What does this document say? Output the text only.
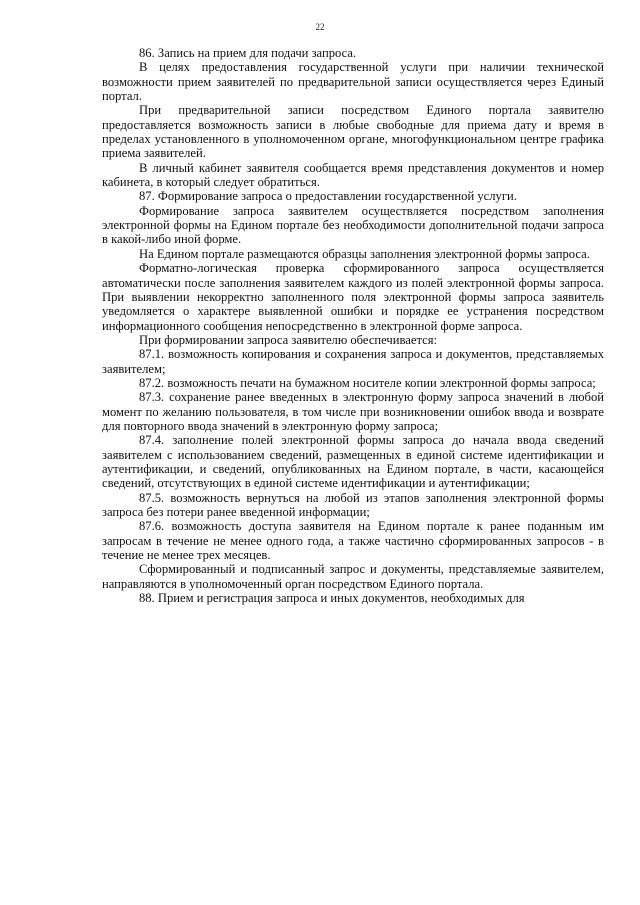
22

86. Запись на прием для подачи запроса.

В целях предоставления государственной услуги при наличии технической возможности прием заявителей по предварительной записи осуществляется через Единый портал.

При предварительной записи посредством Единого портала заявителю предоставляется возможность записи в любые свободные для приема дату и время в пределах установленного в уполномоченном органе, многофункциональном центре графика приема заявителей.

В личный кабинет заявителя сообщается время представления документов и номер кабинета, в который следует обратиться.

87. Формирование запроса о предоставлении государственной услуги.

Формирование запроса заявителем осуществляется посредством заполнения электронной формы на Едином портале без необходимости дополнительной подачи запроса в какой-либо иной форме.

На Едином портале размещаются образцы заполнения электронной формы запроса.

Форматно-логическая проверка сформированного запроса осуществляется автоматически после заполнения заявителем каждого из полей электронной формы запроса. При выявлении некорректно заполненного поля электронной формы запроса заявитель уведомляется о характере выявленной ошибки и порядке ее устранения посредством информационного сообщения непосредственно в электронной форме запроса.

При формировании запроса заявителю обеспечивается:

87.1. возможность копирования и сохранения запроса и документов, представляемых заявителем;

87.2. возможность печати на бумажном носителе копии электронной формы запроса;

87.3. сохранение ранее введенных в электронную форму запроса значений в любой момент по желанию пользователя, в том числе при возникновении ошибок ввода и возврате для повторного ввода значений в электронную форму запроса;

87.4. заполнение полей электронной формы запроса до начала ввода сведений заявителем с использованием сведений, размещенных в единой системе идентификации и аутентификации, и сведений, опубликованных на Едином портале, в части, касающейся сведений, отсутствующих в единой системе идентификации и аутентификации;

87.5. возможность вернуться на любой из этапов заполнения электронной формы запроса без потери ранее введенной информации;

87.6. возможность доступа заявителя на Едином портале к ранее поданным им запросам в течение не менее одного года, а также частично сформированных запросов - в течение не менее трех месяцев.

Сформированный и подписанный запрос и документы, представляемые заявителем, направляются в уполномоченный орган посредством Единого портала.

88. Прием и регистрация запроса и иных документов, необходимых для
